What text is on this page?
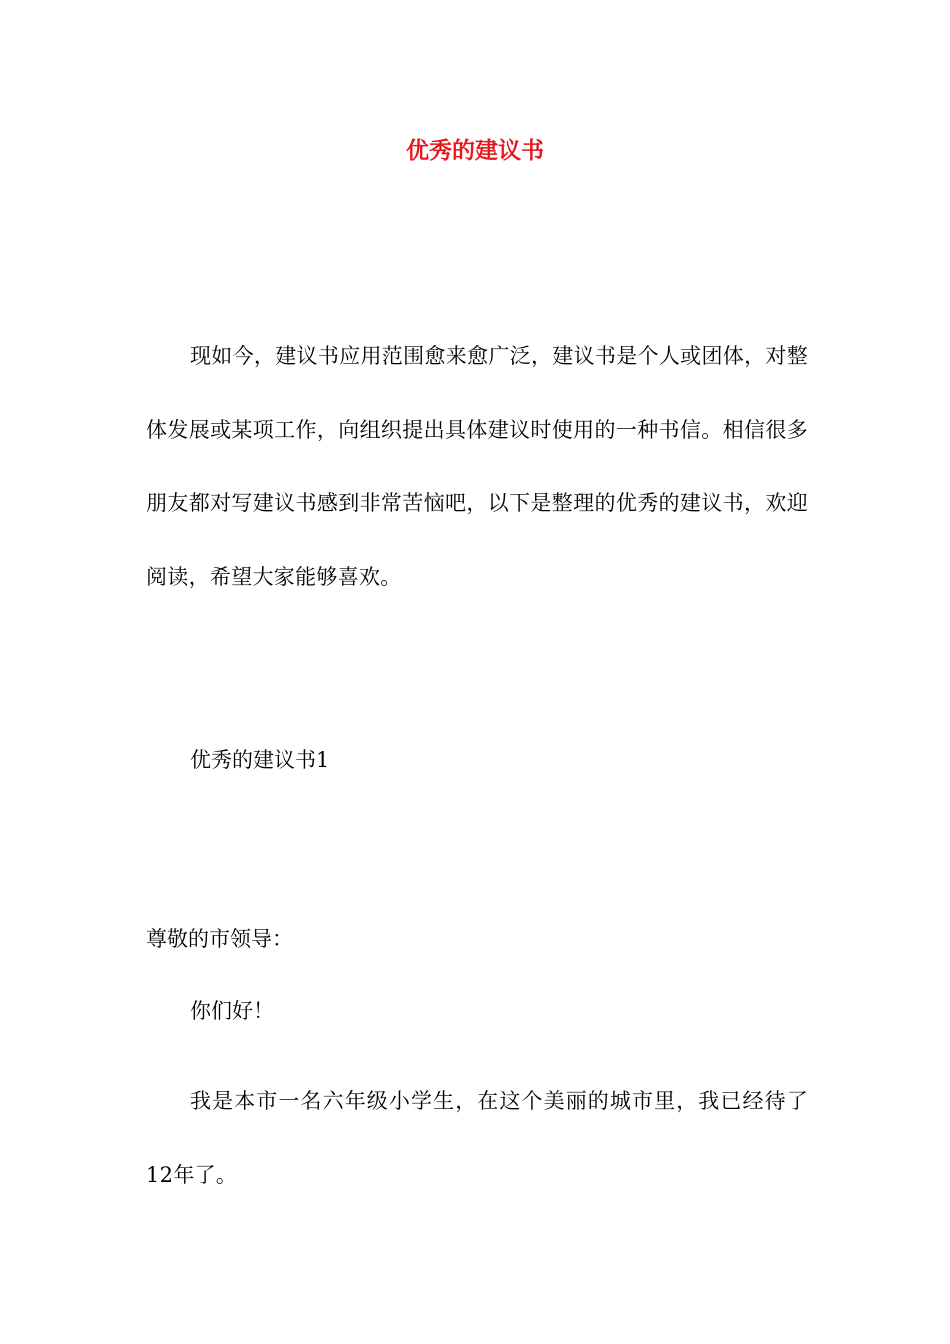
优秀的建议书
现如今，建议书应用范围愈来愈广泛，建议书是个人或团体，对整体发展或某项工作，向组织提出具体建议时使用的一种书信。相信很多朋友都对写建议书感到非常苦恼吧，以下是整理的优秀的建议书，欢迎阅读，希望大家能够喜欢。
优秀的建议书1
尊敬的市领导：
你们好！
我是本市一名六年级小学生，在这个美丽的城市里，我已经待了12年了。
